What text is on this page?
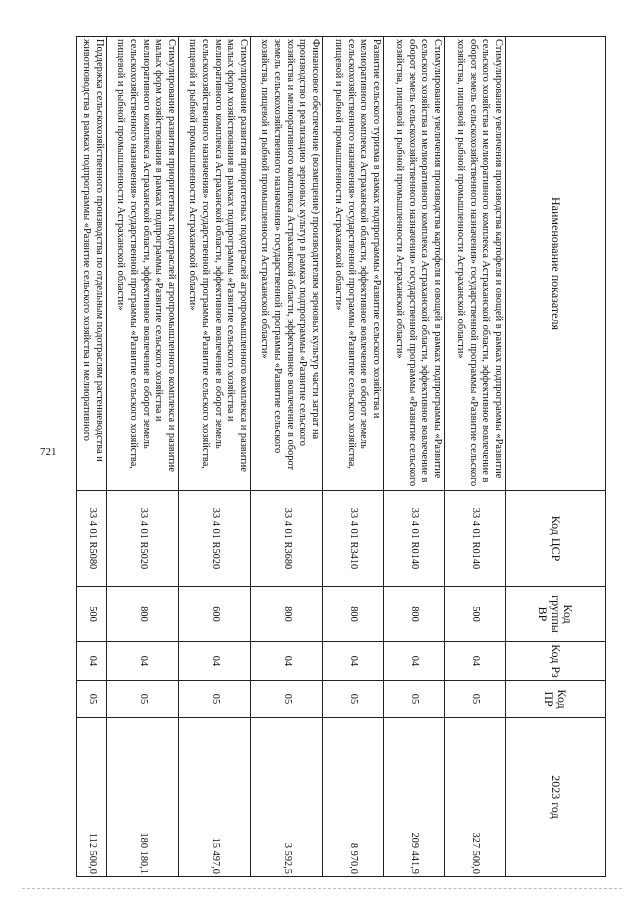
721
Наименование показателя	Код ЦСР	Код группы ВР	Код Рз	Код ПР	2023 год
Стимулирование увеличения производства картофеля и овощей в рамках подпрограммы «Развитие сельского хозяйства и мелиоративного комплекса Астраханской области, эффективное вовлечение в оборот земель сельскохозяйственного назначения» государственной программы «Развитие сельского хозяйства, пищевой и рыбной промышленности Астраханской области»	33 4 01 R0140	500	04	05	327 500,0
Стимулирование увеличения производства картофеля и овощей в рамках подпрограммы «Развитие сельского хозяйства и мелиоративного комплекса Астраханской области, эффективное вовлечение в оборот земель сельскохозяйственного назначения» государственной программы «Развитие сельского хозяйства, пищевой и рыбной промышленности Астраханской области»	33 4 01 R0140	800	04	05	209 441,9
Развитие сельского туризма в рамках подпрограммы «Развитие сельского хозяйства и мелиоративного комплекса Астраханской области, эффективное вовлечение в оборот земель сельскохозяйственного назначения» государственной программы «Развитие сельского хозяйства, пищевой и рыбной промышленности Астраханской области»	33 4 01 R3410	800	04	05	8 970,0
Финансовое обеспечение (возмещение) производителям зерновых культур части затрат на производство и реализацию зерновых культур в рамках подпрограммы «Развитие сельского хозяйства и мелиоративного комплекса Астраханской области, эффективное вовлечение в оборот земель сельскохозяйственного назначения» государственной программы «Развитие сельского хозяйства, пищевой и рыбной промышленности Астраханской области»	33 4 01 R3680	800	04	05	3 592,5
Стимулирование развития приоритетных подотраслей агропромышленного комплекса и развитие малых форм хозяйствования в рамках подпрограммы «Развитие сельского хозяйства и мелиоративного комплекса Астраханской области, эффективное вовлечение в оборот земель сельскохозяйственного назначения» государственной программы «Развитие сельского хозяйства, пищевой и рыбной промышленности Астраханской области»	33 4 01 R5020	600	04	05	15 497,0
Стимулирование развития приоритетных подотраслей агропромышленного комплекса и развитие малых форм хозяйствования в рамках подпрограммы «Развитие сельского хозяйства и мелиоративного комплекса Астраханской области, эффективное вовлечение в оборот земель сельскохозяйственного назначения» государственной программы «Развитие сельского хозяйства, пищевой и рыбной промышленности Астраханской области»	33 4 01 R5020	800	04	05	180 180,1
Поддержка сельскохозяйственного производства по отдельным подотраслям растениеводства и животноводства в рамках подпрограммы «Развитие сельского хозяйства и мелиоративного	33 4 01 R5080	500	04	05	112 500,0
